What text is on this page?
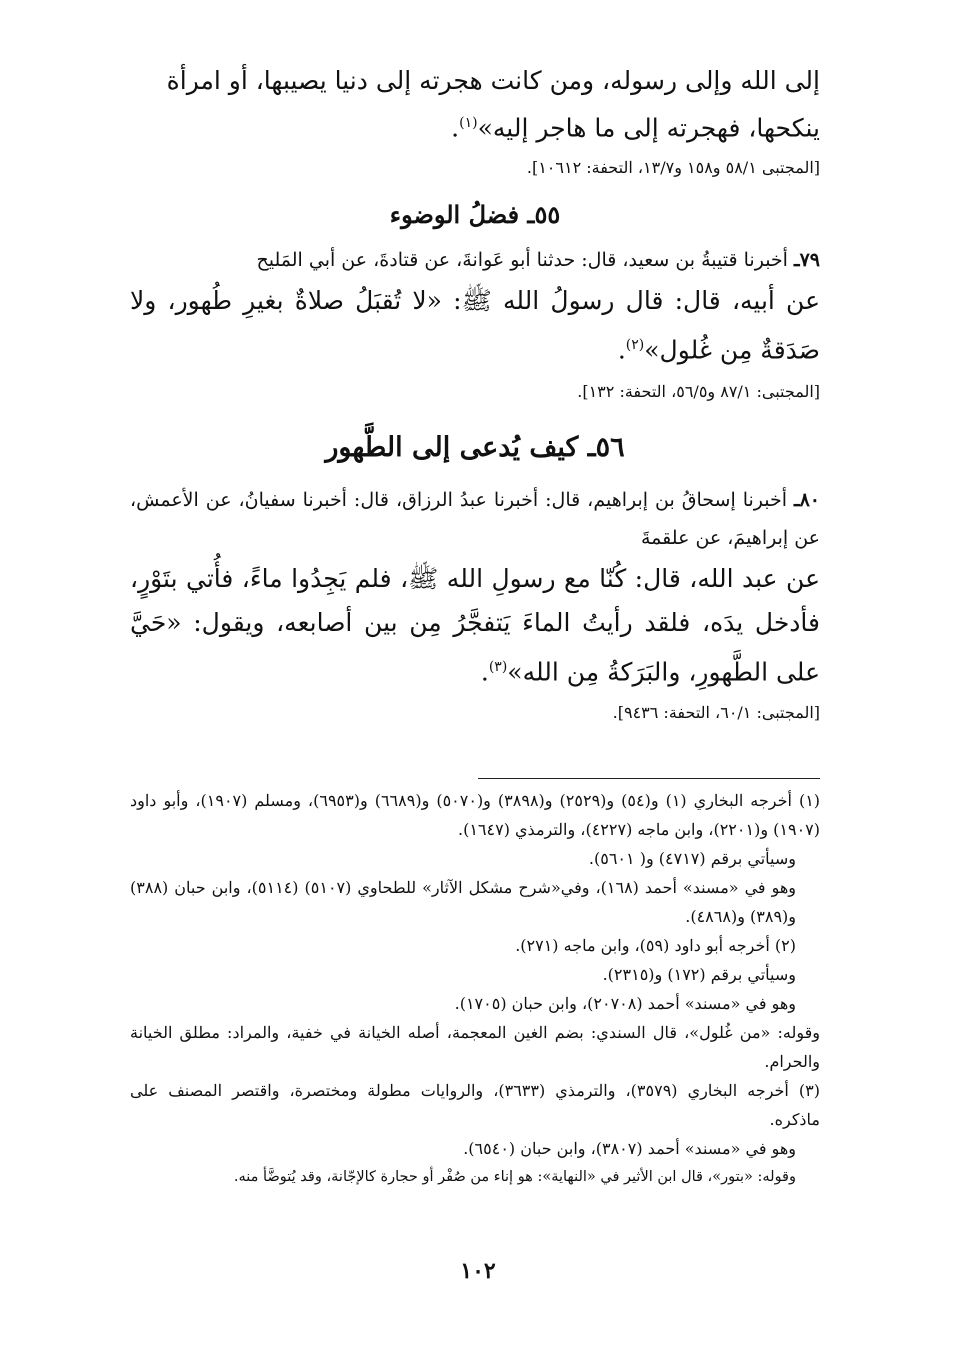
إلى الله وإلى رسوله، ومن كانت هجرته إلى دنيا يصيبها، أو امرأة
ينكحها، فهجرته إلى ما هاجر إليه»$^{(١)}$.
[المجتبى ٥٨/١ و١٥٨ و١٣/٧، التحفة: ١٠٦١٢].
٥٥ـ فضلُ الوضوء
٧٩ـ أخبرنا قتيبةُ بن سعيد، قال: حدثنا أبو عَوانةَ، عن قتادةَ، عن أبي المَليح
عن أبيه، قال: قال رسولُ الله ﷺ: «لا تُقبَلُ صلاةٌ بغيرِ طُهور، ولا صَدَقةٌ مِن غُلول»$^{(٢)}$.
[المجتبى: ٨٧/١ و٥٦/٥، التحفة: ١٣٢].
٥٦ـ كيف يُدعى إلى الطَّهور
٨٠ـ أخبرنا إسحاقُ بن إبراهيم، قال: أخبرنا عبدُ الرزاق، قال: أخبرنا سفيانُ، عن الأعمش، عن إبراهيمَ، عن علقمةَ
عن عبد الله، قال: كُنّا مع رسولِ الله ﷺ، فلم يَجِدُوا ماءً، فأُتي بتَوْرٍ، فأدخل يدَه، فلقد رأيتُ الماءَ يَتفجَّرُ مِن بين أصابعه، ويقول: «حَيَّ على الطَّهورِ، والبَرَكةُ مِن الله»$^{(٣)}$.
[المجتبى: ٦٠/١، التحفة: ٩٤٣٦].

(١) أخرجه البخاري (١) و(٥٤) و(٢٥٢٩) و(٣٨٩٨) و(٥٠٧٠) و(٦٦٨٩) و(٦٩٥٣)، ومسلم (١٩٠٧)، وأبو داود (١٩٠٧) و(٢٢٠١)، وابن ماجه (٤٢٢٧)، والترمذي (١٦٤٧).

وسيأتي برقم (٤٧١٧) و( ٥٦٠١).

وهو في «مسند» أحمد (١٦٨)، وفي«شرح مشكل الآثار» للطحاوي (٥١٠٧) (٥١١٤)، وابن حبان (٣٨٨) و(٣٨٩) و(٤٨٦٨).

(٢) أخرجه أبو داود (٥٩)، وابن ماجه (٢٧١).

وسيأتي برقم (١٧٢) و(٢٣١٥).

وهو في «مسند» أحمد (٢٠٧٠٨)، وابن حبان (١٧٠٥).

وقوله: «من غُلول»، قال السندي: بضم الغين المعجمة، أصله الخيانة في خفية، والمراد: مطلق الخيانة والحرام.

(٣) أخرجه البخاري (٣٥٧٩)، والترمذي (٣٦٣٣)، والروايات مطولة ومختصرة، واقتصر المصنف على ماذكره.

وهو في «مسند» أحمد (٣٨٠٧)، وابن حبان (٦٥٤٠).

وقوله: «بتور»، قال ابن الأثير في «النهاية»: هو إناء من صُفْر أو حجارة كالإجّانة، وقد يُتوضَّأ منه.

١٠٢
